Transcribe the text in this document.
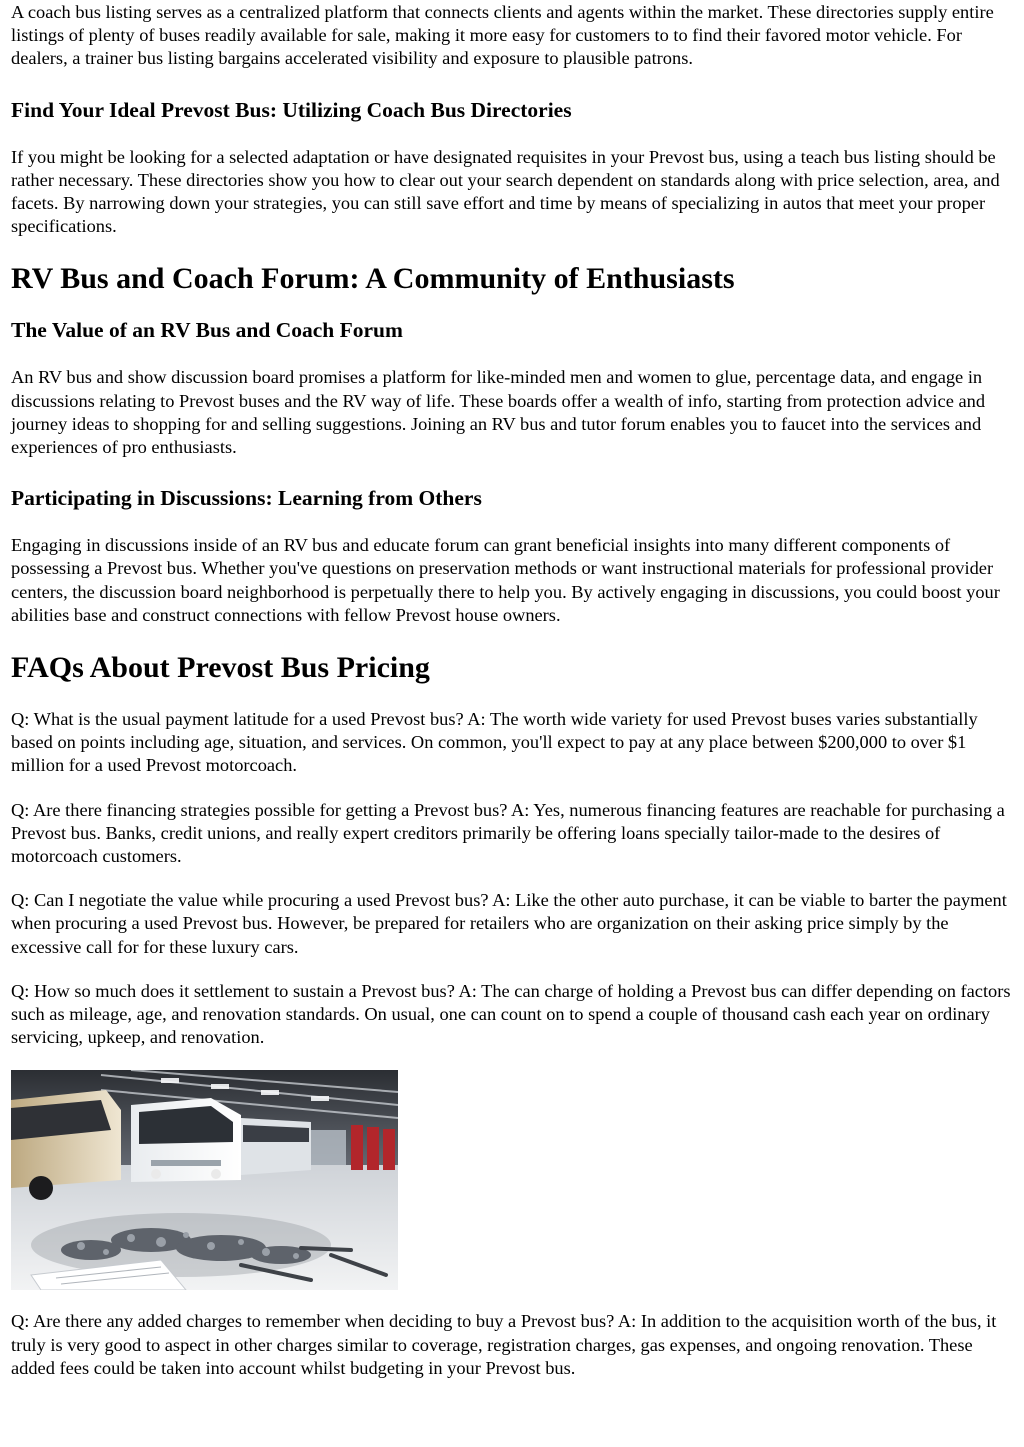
A coach bus listing serves as a centralized platform that connects clients and agents within the market. These directories supply entire listings of plenty of buses readily available for sale, making it more easy for customers to to find their favored motor vehicle. For dealers, a trainer bus listing bargains accelerated visibility and exposure to plausible patrons.

Find Your Ideal Prevost Bus: Utilizing Coach Bus Directories

If you might be looking for a selected adaptation or have designated requisites in your Prevost bus, using a teach bus listing should be rather necessary. These directories show you how to clear out your search dependent on standards along with price selection, area, and facets. By narrowing down your strategies, you can still save effort and time by means of specializing in autos that meet your proper specifications.

RV Bus and Coach Forum: A Community of Enthusiasts
The Value of an RV Bus and Coach Forum

An RV bus and show discussion board promises a platform for like-minded men and women to glue, percentage data, and engage in discussions relating to Prevost buses and the RV way of life. These boards offer a wealth of info, starting from protection advice and journey ideas to shopping for and selling suggestions. Joining an RV bus and tutor forum enables you to faucet into the services and experiences of pro enthusiasts.

Participating in Discussions: Learning from Others

Engaging in discussions inside of an RV bus and educate forum can grant beneficial insights into many different components of possessing a Prevost bus. Whether you've questions on preservation methods or want instructional materials for professional provider centers, the discussion board neighborhood is perpetually there to help you. By actively engaging in discussions, you could boost your abilities base and construct connections with fellow Prevost house owners.

FAQs About Prevost Bus Pricing

Q: What is the usual payment latitude for a used Prevost bus? A: The worth wide variety for used Prevost buses varies substantially based on points including age, situation, and services. On common, you'll expect to pay at any place between $200,000 to over $1 million for a used Prevost motorcoach.

Q: Are there financing strategies possible for getting a Prevost bus? A: Yes, numerous financing features are reachable for purchasing a Prevost bus. Banks, credit unions, and really expert creditors primarily be offering loans specially tailor-made to the desires of motorcoach customers.

Q: Can I negotiate the value while procuring a used Prevost bus? A: Like the other auto purchase, it can be viable to barter the payment when procuring a used Prevost bus. However, be prepared for retailers who are organization on their asking price simply by the excessive call for for these luxury cars.

Q: How so much does it settlement to sustain a Prevost bus? A: The can charge of holding a Prevost bus can differ depending on factors such as mileage, age, and renovation standards. On usual, one can count on to spend a couple of thousand cash each year on ordinary servicing, upkeep, and renovation.

Q: Are there any added charges to remember when deciding to buy a Prevost bus? A: In addition to the acquisition worth of the bus, it truly is very good to aspect in other charges similar to coverage, registration charges, gas expenses, and ongoing renovation. These added fees could be taken into account whilst budgeting in your Prevost bus.
